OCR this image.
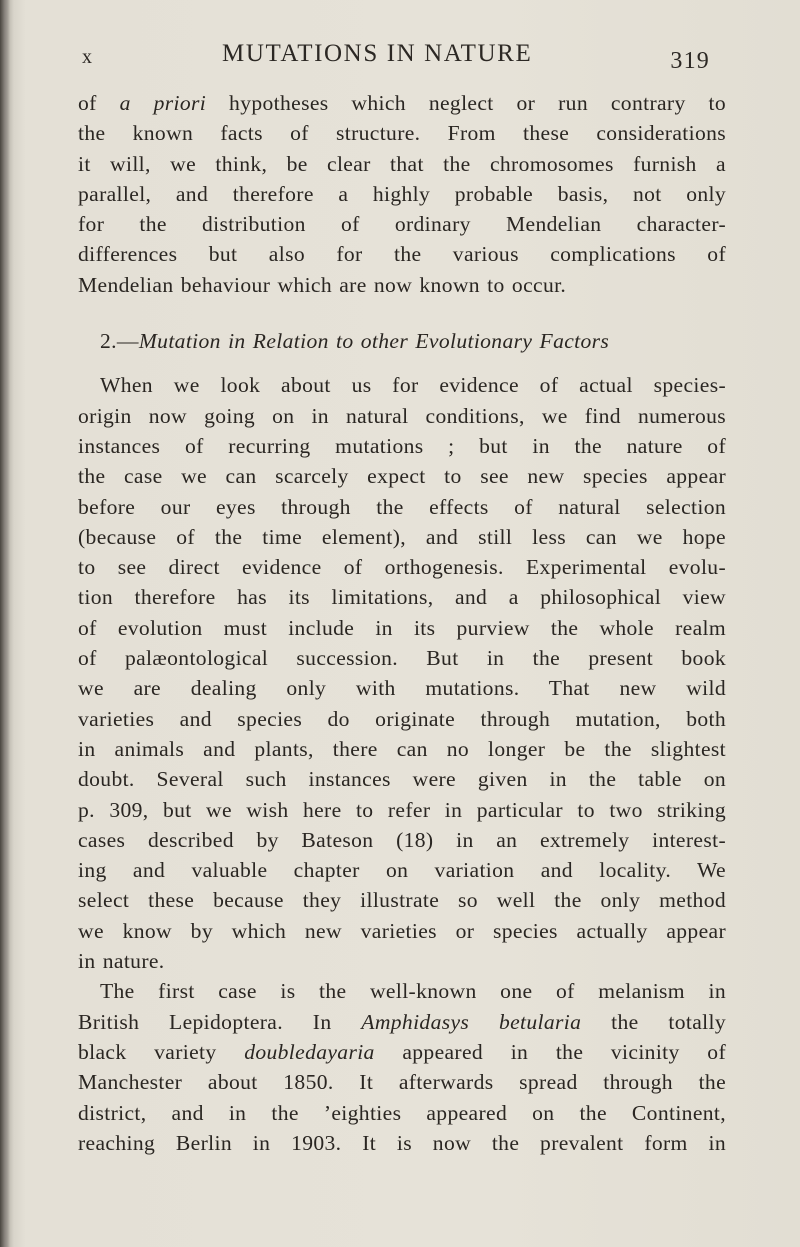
x	MUTATIONS IN NATURE	319
of a priori hypotheses which neglect or run contrary to
the known facts of structure. From these considerations
it will, we think, be clear that the chromosomes furnish a
parallel, and therefore a highly probable basis, not only
for the distribution of ordinary Mendelian character-
differences but also for the various complications of
Mendelian behaviour which are now known to occur.
2.—Mutation in Relation to other Evolutionary Factors
When we look about us for evidence of actual species-
origin now going on in natural conditions, we find numerous
instances of recurring mutations ; but in the nature of
the case we can scarcely expect to see new species appear
before our eyes through the effects of natural selection
(because of the time element), and still less can we hope
to see direct evidence of orthogenesis. Experimental evolu-
tion therefore has its limitations, and a philosophical view
of evolution must include in its purview the whole realm
of palæontological succession. But in the present book
we are dealing only with mutations. That new wild
varieties and species do originate through mutation, both
in animals and plants, there can no longer be the slightest
doubt. Several such instances were given in the table on
p. 309, but we wish here to refer in particular to two striking
cases described by Bateson (18) in an extremely interest-
ing and valuable chapter on variation and locality. We
select these because they illustrate so well the only method
we know by which new varieties or species actually appear
in nature.
The first case is the well-known one of melanism in
British Lepidoptera. In Amphidasys betularia the totally
black variety doubledayaria appeared in the vicinity of
Manchester about 1850. It afterwards spread through the
district, and in the ’eighties appeared on the Continent,
reaching Berlin in 1903. It is now the prevalent form in
